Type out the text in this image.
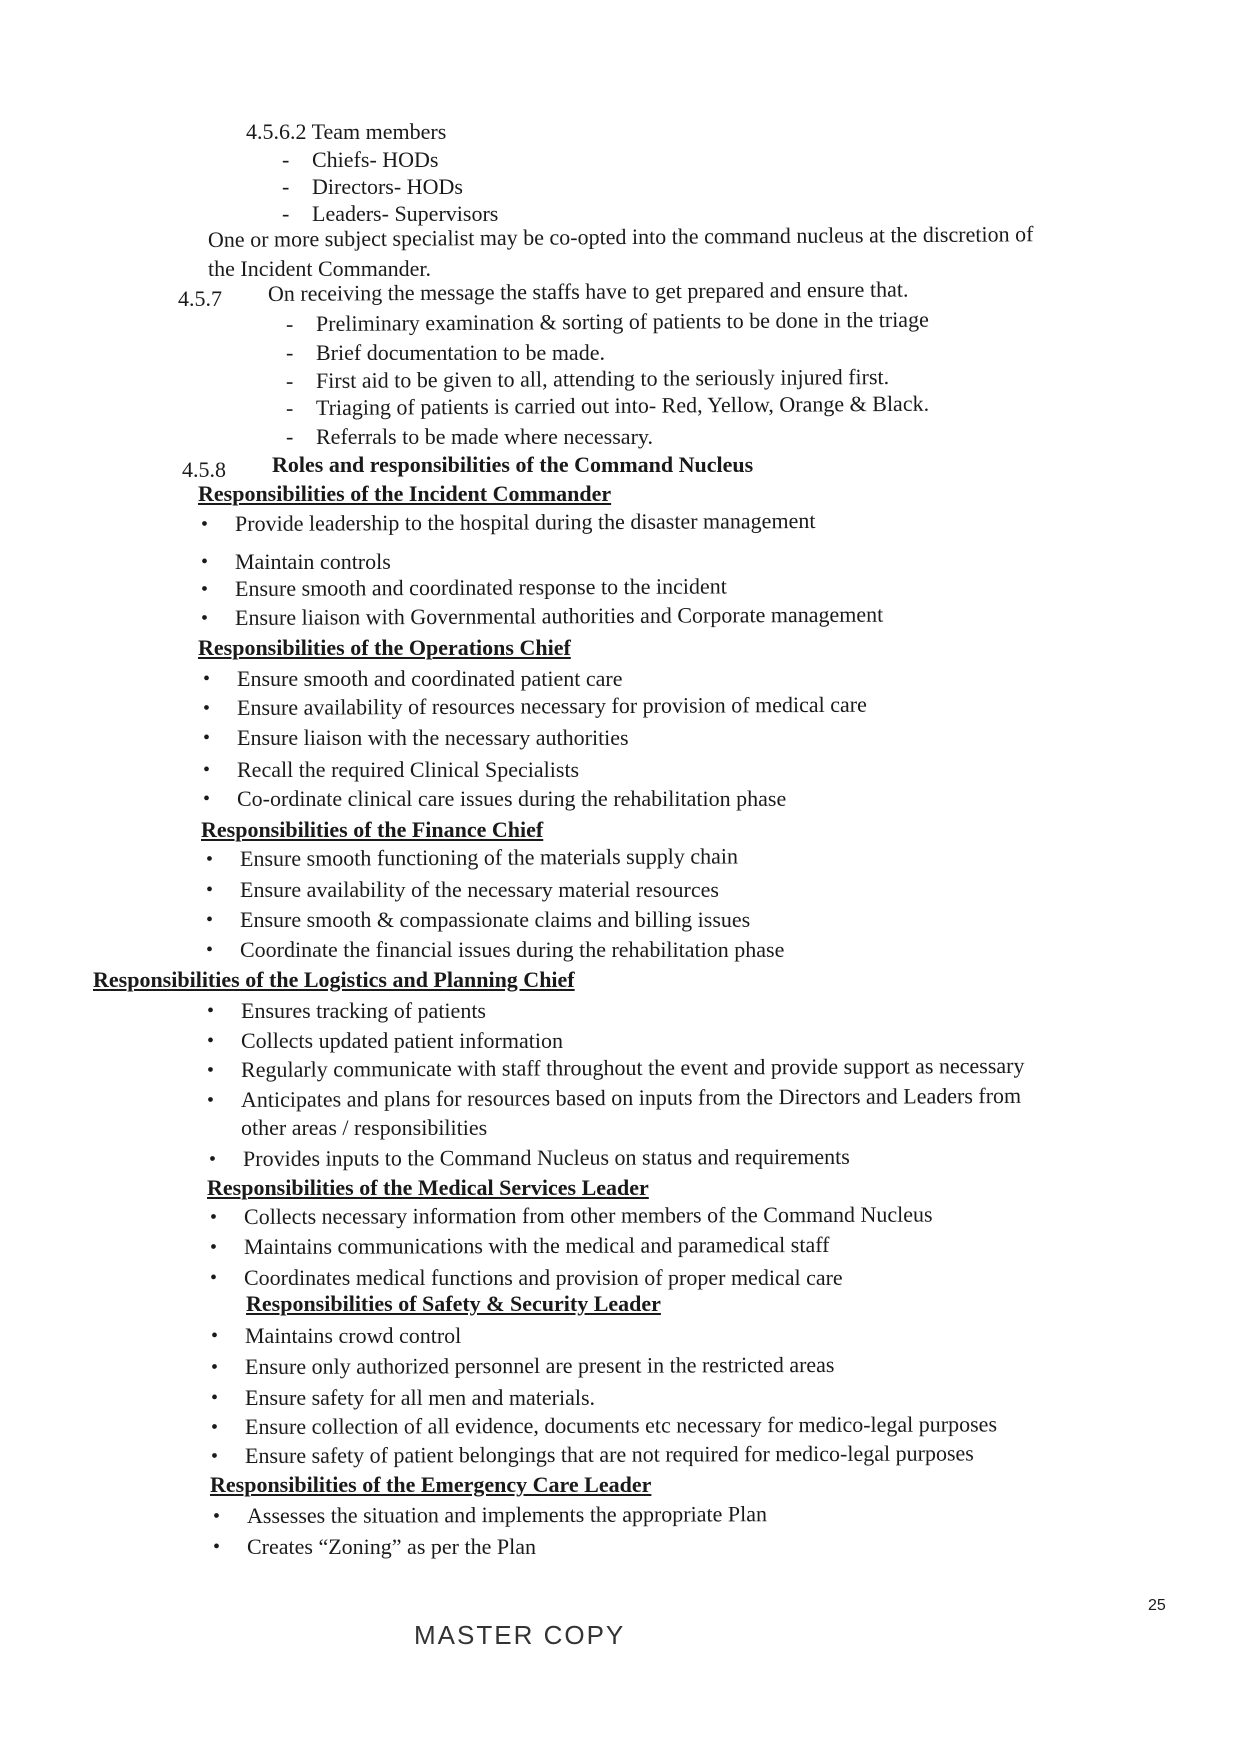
4.5.6.2 Team members
- Chiefs- HODs
- Directors- HODs
- Leaders- Supervisors
One or more subject specialist may be co-opted into the command nucleus at the discretion of
the Incident Commander.
4.5.7 On receiving the message the staffs have to get prepared and ensure that.
- Preliminary examination & sorting of patients to be done in the triage
- Brief documentation to be made.
- First aid to be given to all, attending to the seriously injured first.
- Triaging of patients is carried out into- Red, Yellow, Orange & Black.
- Referrals to be made where necessary.
4.5.8 Roles and responsibilities of the Command Nucleus
Responsibilities of the Incident Commander
• Provide leadership to the hospital during the disaster management
• Maintain controls
• Ensure smooth and coordinated response to the incident
• Ensure liaison with Governmental authorities and Corporate management
Responsibilities of the Operations Chief
• Ensure smooth and coordinated patient care
• Ensure availability of resources necessary for provision of medical care
• Ensure liaison with the necessary authorities
• Recall the required Clinical Specialists
• Co-ordinate clinical care issues during the rehabilitation phase
Responsibilities of the Finance Chief
• Ensure smooth functioning of the materials supply chain
• Ensure availability of the necessary material resources
• Ensure smooth & compassionate claims and billing issues
• Coordinate the financial issues during the rehabilitation phase
Responsibilities of the Logistics and Planning Chief
• Ensures tracking of patients
• Collects updated patient information
• Regularly communicate with staff throughout the event and provide support as necessary
• Anticipates and plans for resources based on inputs from the Directors and Leaders from
other areas / responsibilities
• Provides inputs to the Command Nucleus on status and requirements
Responsibilities of the Medical Services Leader
• Collects necessary information from other members of the Command Nucleus
• Maintains communications with the medical and paramedical staff
• Coordinates medical functions and provision of proper medical care
Responsibilities of Safety & Security Leader
• Maintains crowd control
• Ensure only authorized personnel are present in the restricted areas
• Ensure safety for all men and materials.
• Ensure collection of all evidence, documents etc necessary for medico-legal purposes
• Ensure safety of patient belongings that are not required for medico-legal purposes
Responsibilities of the Emergency Care Leader
• Assesses the situation and implements the appropriate Plan
• Creates “Zoning” as per the Plan
25
MASTER COPY
